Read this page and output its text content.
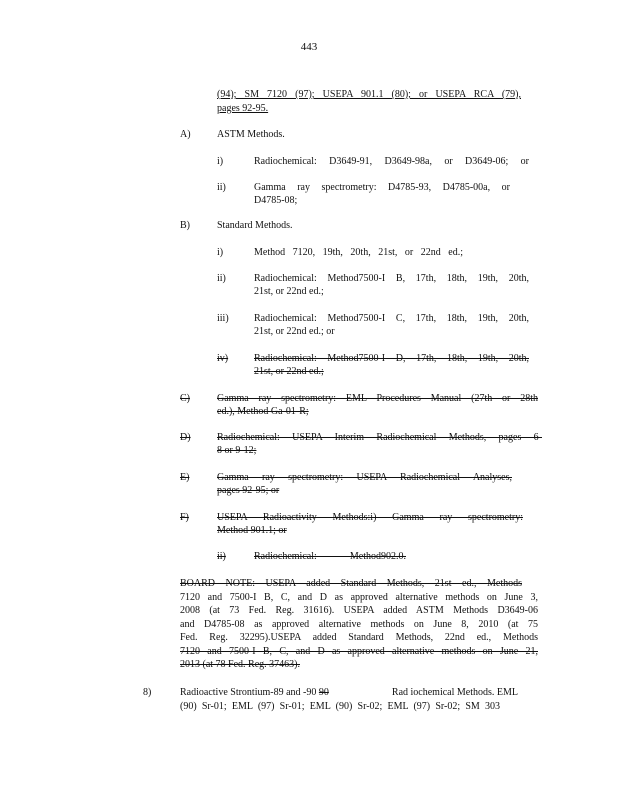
443
(94); SM 7120 (97); USEPA 901.1 (80); or USEPA RCA (79),
pages 92-95.
A)	ASTM Methods.
i)	Radiochemical: D3649-91, D3649-98a, or D3649-06; or
ii)	Gamma ray spectrometry: D4785-93, D4785-00a, or
D4785-08;
B)	Standard Methods.
i)	Method 7120, 19th, 20th, 21st, or 22nd ed.;
ii)	Radiochemical: Method7500-I B, 17th, 18th, 19th, 20th,
21st, or 22nd ed.;
iii)	Radiochemical: Method7500-I C, 17th, 18th, 19th, 20th,
21st, or 22nd ed.; or
iv)	Radiochemical: Method7500-I D, 17th, 18th, 19th, 20th,
21st, or 22nd ed.;
C)	Gamma ray spectrometry: EML Procedures Manual (27th or 28th
ed.), Method Ga-01-R;
D)	Radiochemical: USEPA Interim Radiochemical Methods, pages 6-
8 or 9-12;
E)	Gamma ray spectrometry: USEPA Radiochemical Analyses,
pages 92-95; or
F)	USEPA Radioactivity Methods:i) Gamma ray spectrometry:
Method 901.1; or
ii)	Radiochemical: Method902.0.
BOARD NOTE: USEPA added Standard Methods, 21st ed., Methods
7120 and 7500-I B, C, and D as approved alternative methods on June 3,
2008 (at 73 Fed. Reg. 31616). USEPA added ASTM Methods D3649-06
and D4785-08 as approved alternative methods on June 8, 2010 (at 75
Fed. Reg. 32295).USEPA added Standard Methods, 22nd ed., Methods
7120 and 7500-I B, C, and D as approved alternative methods on June 21,
2013 (at 78 Fed. Reg. 37463).
8)	Radioactive Strontium-89 and -90 90	Rad iochemical Methods. EML
(90) Sr-01; EML (97) Sr-01; EML (90) Sr-02; EML (97) Sr-02; SM 303
